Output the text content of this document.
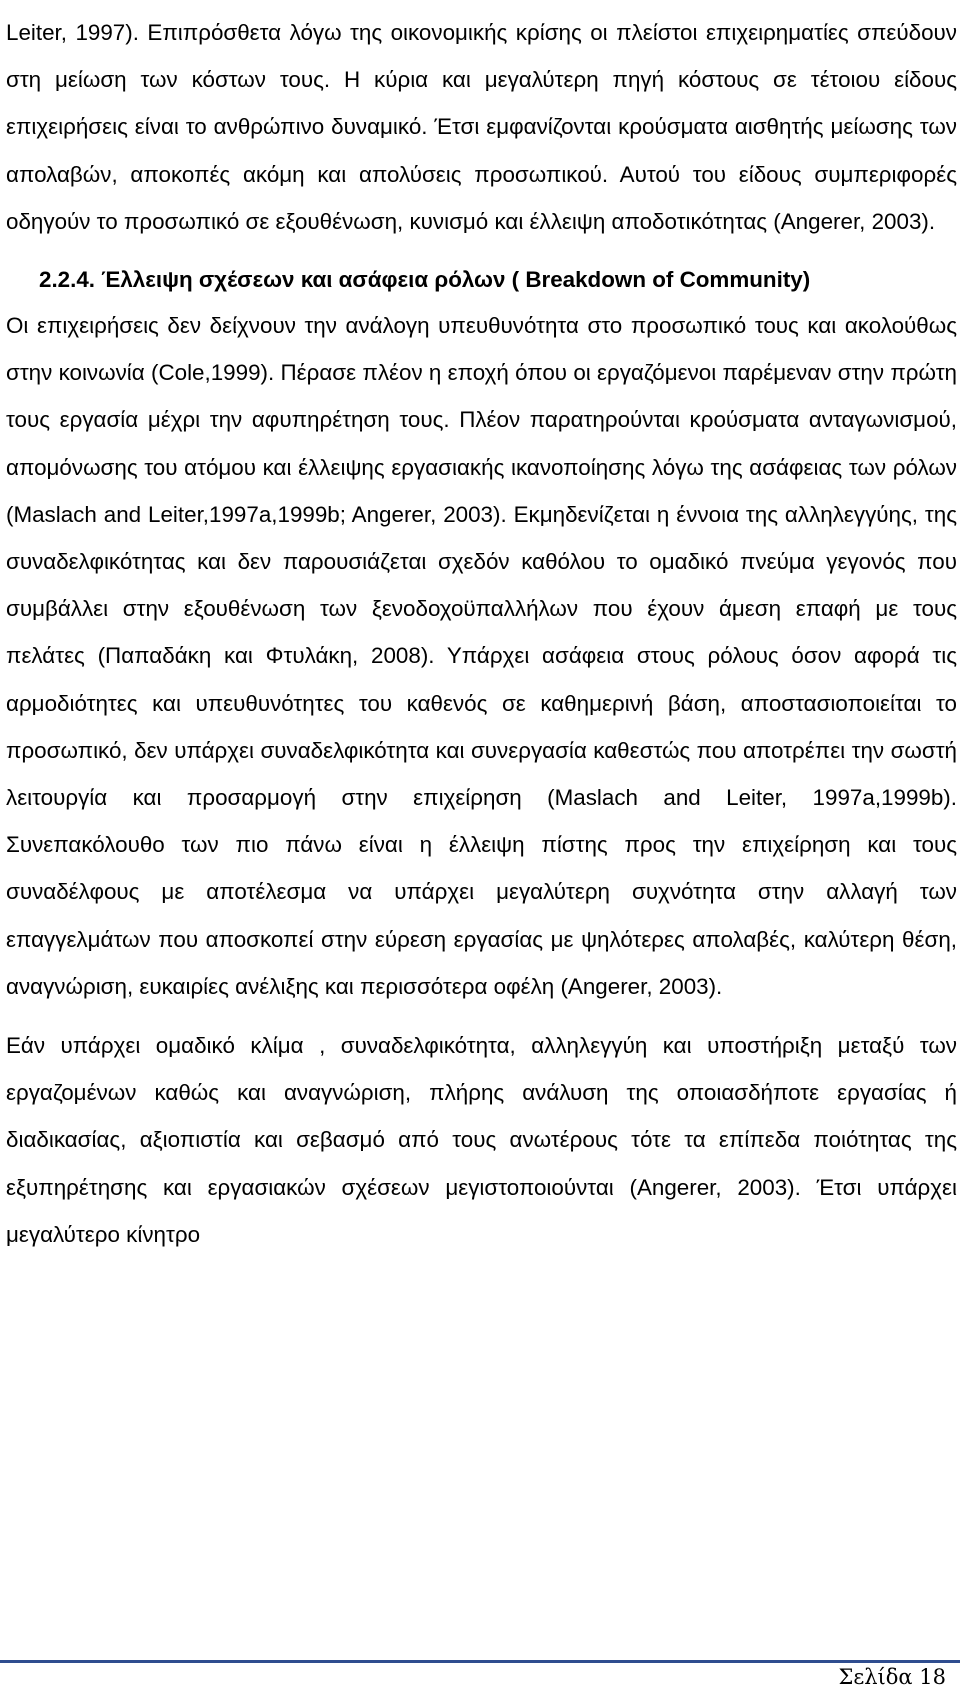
Leiter, 1997). Επιπρόσθετα λόγω της οικονομικής κρίσης οι πλείστοι επιχειρηματίες σπεύδουν στη μείωση των κόστων τους. Η κύρια και μεγαλύτερη πηγή κόστους σε τέτοιου είδους επιχειρήσεις είναι το ανθρώπινο δυναμικό. Έτσι εμφανίζονται κρούσματα αισθητής μείωσης των απολαβών, αποκοπές ακόμη και απολύσεις προσωπικού. Αυτού του είδους συμπεριφορές οδηγούν το προσωπικό σε εξουθένωση, κυνισμό και έλλειψη αποδοτικότητας (Angerer, 2003).

2.2.4. Έλλειψη σχέσεων και ασάφεια ρόλων ( Breakdown of Community)

Οι επιχειρήσεις δεν δείχνουν την ανάλογη υπευθυνότητα στο προσωπικό τους και ακολούθως στην κοινωνία (Cole,1999). Πέρασε πλέον η εποχή όπου οι εργαζόμενοι παρέμεναν στην πρώτη τους εργασία μέχρι την αφυπηρέτηση τους. Πλέον παρατηρούνται κρούσματα ανταγωνισμού, απομόνωσης του ατόμου και έλλειψης εργασιακής ικανοποίησης λόγω της ασάφειας των ρόλων (Maslach and Leiter,1997a,1999b; Angerer, 2003). Εκμηδενίζεται η έννοια της αλληλεγγύης, της συναδελφικότητας και δεν παρουσιάζεται σχεδόν καθόλου το ομαδικό πνεύμα γεγονός που συμβάλλει στην εξουθένωση των ξενοδοχοϋπαλλήλων που έχουν άμεση επαφή με τους πελάτες (Παπαδάκη και Φτυλάκη, 2008). Υπάρχει ασάφεια στους ρόλους όσον αφορά τις αρμοδιότητες και υπευθυνότητες του καθενός σε καθημερινή βάση, αποστασιοποιείται το προσωπικό, δεν υπάρχει συναδελφικότητα και συνεργασία καθεστώς που αποτρέπει την σωστή λειτουργία και προσαρμογή στην επιχείρηση (Maslach and Leiter, 1997a,1999b). Συνεπακόλουθο των πιο πάνω είναι η έλλειψη πίστης προς την επιχείρηση και τους συναδέλφους με αποτέλεσμα να υπάρχει μεγαλύτερη συχνότητα στην αλλαγή των επαγγελμάτων που αποσκοπεί στην εύρεση εργασίας με ψηλότερες απολαβές, καλύτερη θέση, αναγνώριση, ευκαιρίες ανέλιξης και περισσότερα οφέλη (Angerer, 2003).

Εάν υπάρχει ομαδικό κλίμα , συναδελφικότητα, αλληλεγγύη και υποστήριξη μεταξύ των εργαζομένων καθώς και αναγνώριση, πλήρης ανάλυση της οποιασδήποτε εργασίας ή διαδικασίας, αξιοπιστία και σεβασμό από τους ανωτέρους τότε τα επίπεδα ποιότητας της εξυπηρέτησης και εργασιακών σχέσεων μεγιστοποιούνται (Angerer, 2003). Έτσι υπάρχει μεγαλύτερο κίνητρο

Σελίδα 18
